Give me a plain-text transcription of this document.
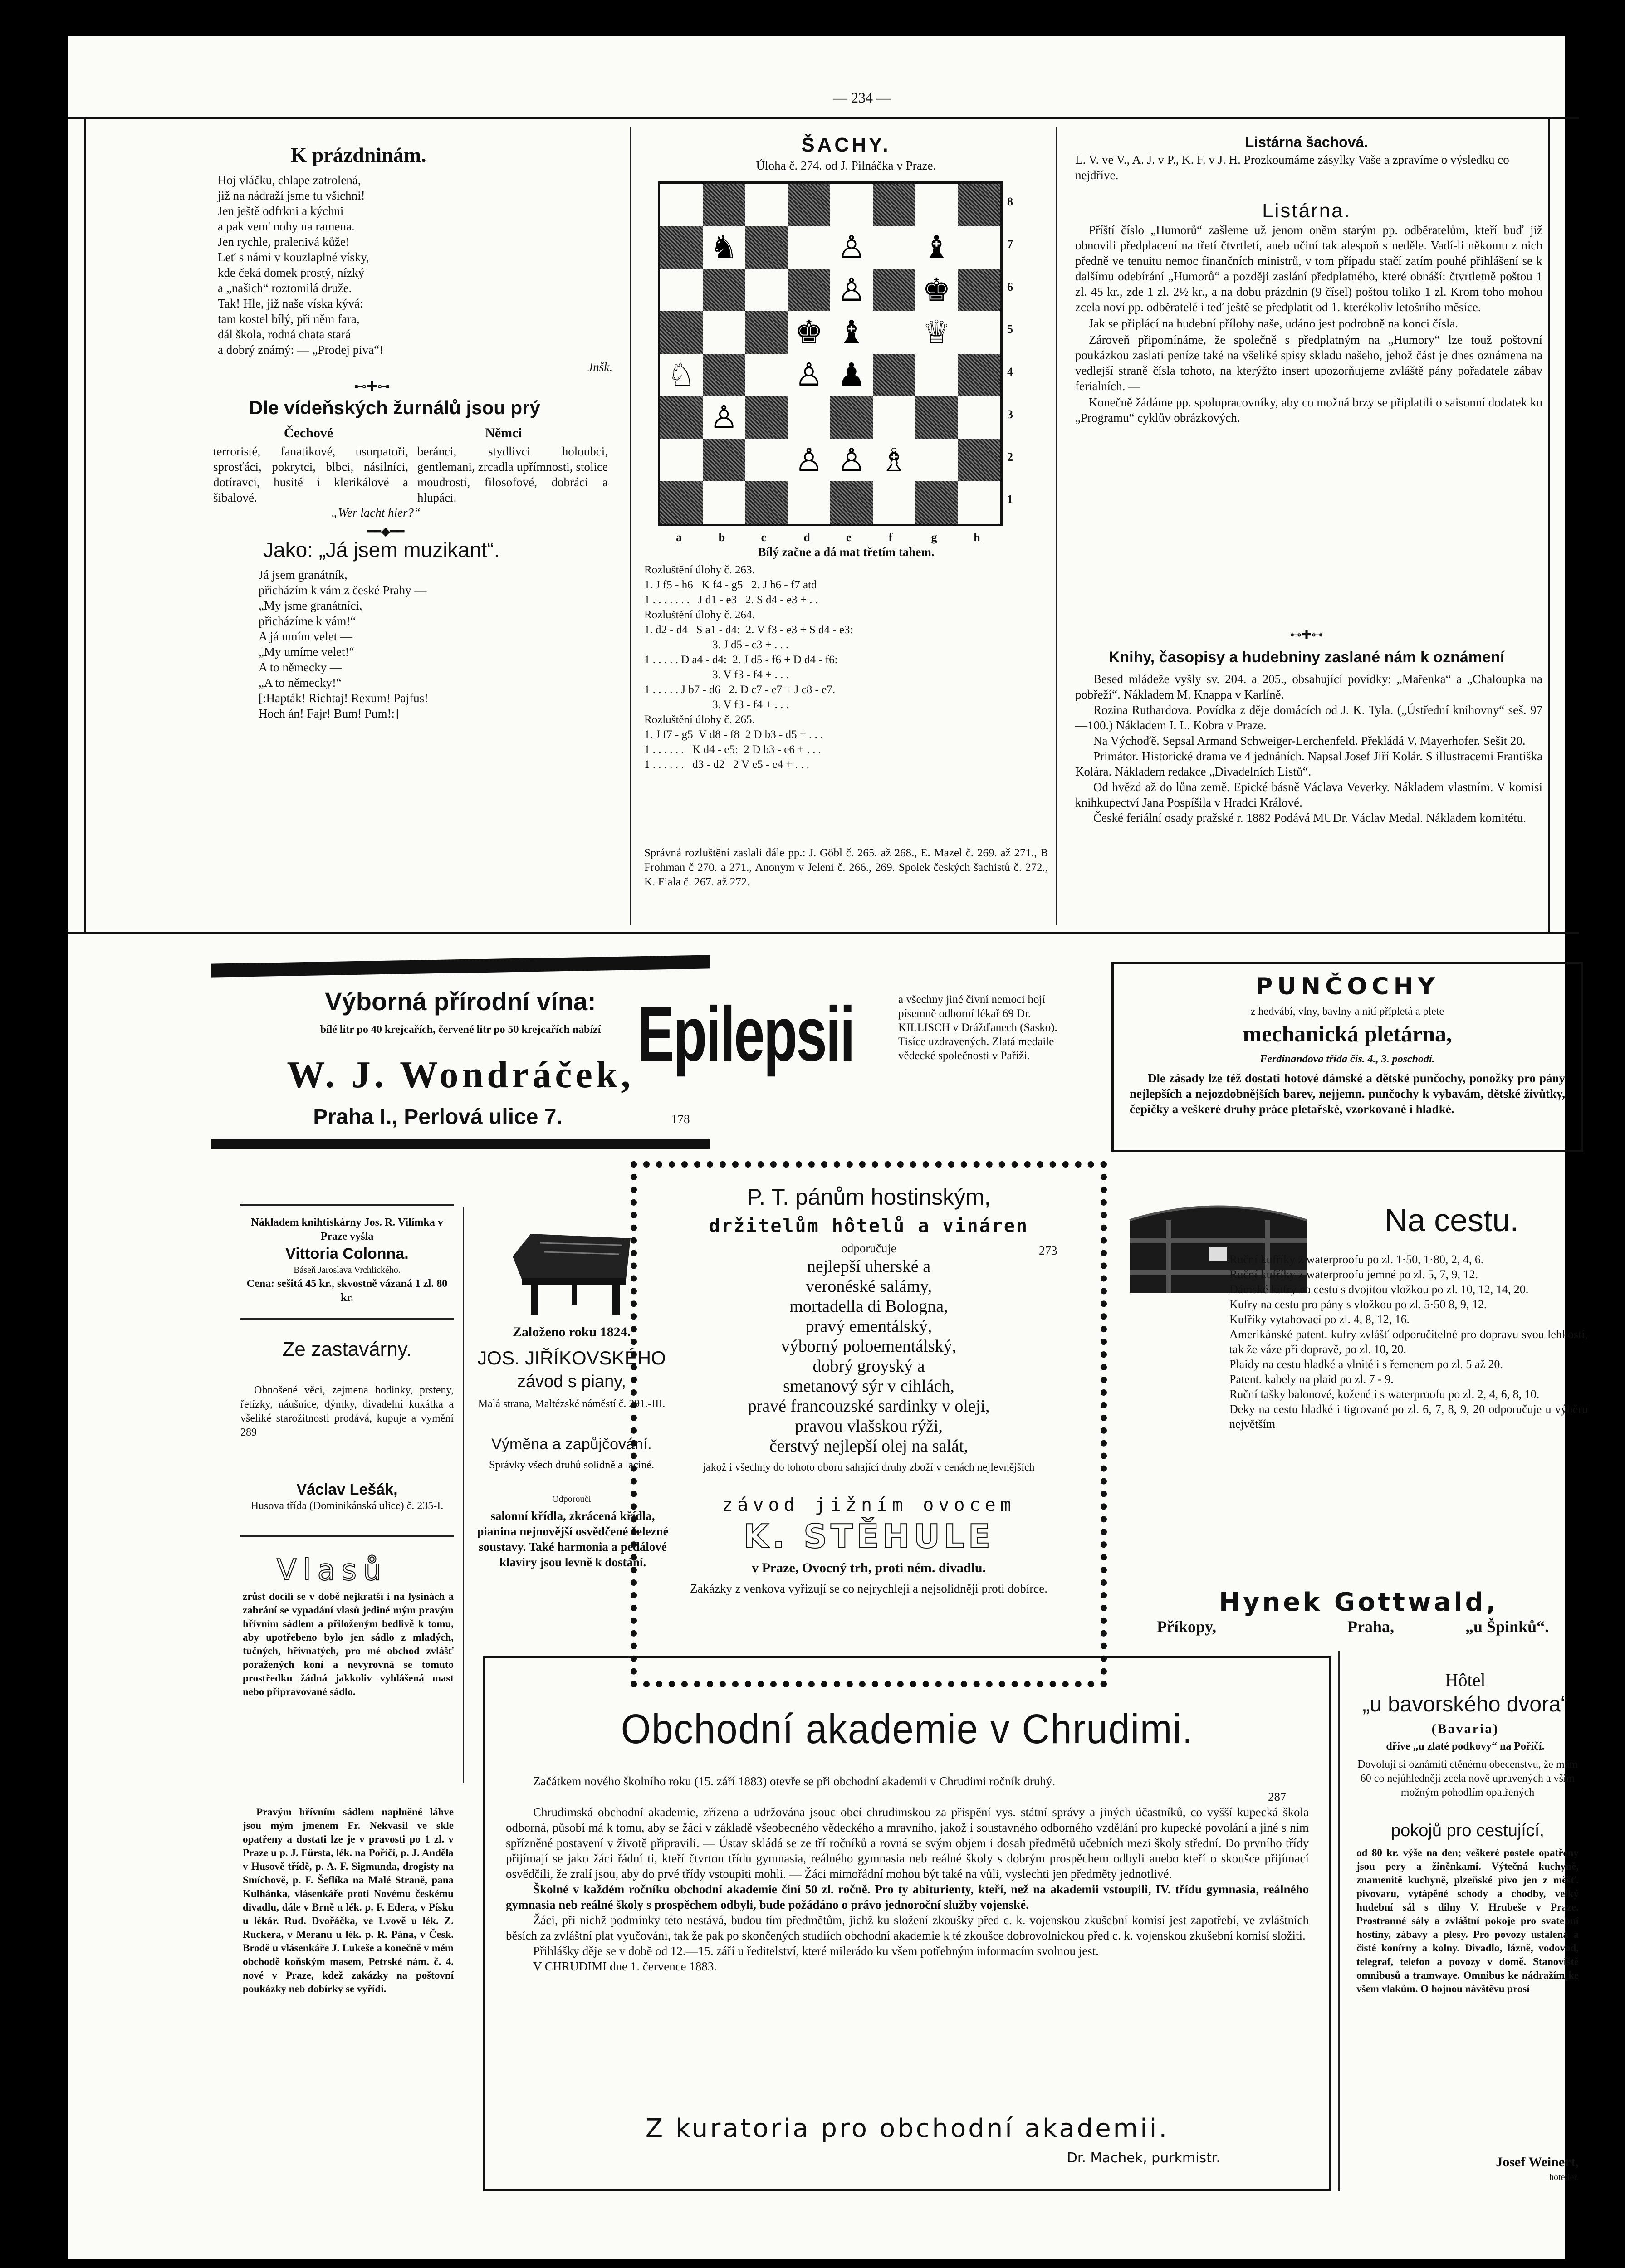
— 234 —
K prázdninám.
Hoj vláčku, chlape zatrolená,
již na nádraží jsme tu všichni!
Jen ještě odfrkni a kýchni
a pak vem' nohy na ramena.
Jen rychle, pralenivá kůže!
Leť s námi v kouzlaplné vísky,
kde čeká domek prostý, nízký
a „našich“ roztomilá druže.
Tak! Hle, již naše víska kývá:
tam kostel bílý, při něm fara,
dál škola, rodná chata stará
a dobrý známý: — „Prodej piva“!
Jnšk.
⊷✚⊶
Dle vídeňských žurnálů jsou prý
Čechové	Němci
terroristé, fanatikové, usurpatoři, sprosťáci, pokrytci, blbci, násilníci, dotíravci, husité i klerikálové a šibalové.
beránci, stydlivci holoubci, gentlemani, zrcadla upřímnosti, stolice moudrosti, filosofové, dobráci a hlupáci.
„Wer lacht hier?“
━━◆━━
Jako: „Já jsem muzikant“.
Já jsem granátník,
přicházím k vám z české Prahy —
„My jsme granátníci,
přicházíme k vám!“
A já umím velet —
„My umíme velet!“
A to německy —
„A to německy!“
[:Hapták! Richtaj! Rexum! Pajfus!
Hoch án! Fajr! Bum! Pum!:]
ŠACHY.
Úloha č. 274. od J. Pilnáčka v Praze.
♞	♙ ♝
♙ ♚
♚ ♝ ♕
♘	♙ ♟
♙
♙ ♙ ♗
8
7
6
5
4
3
2
1
a	b	c	d	e	f	g	h
Bílý začne a dá mat třetím tahem.
Rozluštění úlohy č. 263.
1. J f5 - h6   K f4 - g5   2. J h6 - f7 atd
1 . . . . . . .   J d1 - e3   2. S d4 - e3 + . .
Rozluštění úlohy č. 264.
1. d2 - d4   S a1 - d4:  2. V f3 - e3 + S d4 - e3:
3. J d5 - c3 + . . .
1 . . . . . D a4 - d4:  2. J d5 - f6 + D d4 - f6:
3. V f3 - f4 + . . .
1 . . . . . J b7 - d6   2. D c7 - e7 + J c8 - e7.
3. V f3 - f4 + . . .
Rozluštění úlohy č. 265.
1. J f7 - g5  V d8 - f8  2 D b3 - d5 + . . .
1 . . . . . .   K d4 - e5:  2 D b3 - e6 + . . .
1 . . . . . .   d3 - d2   2 V e5 - e4 + . . .
Správná rozluštění zaslali dále pp.: J. Göbl č. 265. až 268., E. Mazel č. 269. až 271., B Frohman č 270. a 271., Anonym v Jeleni č. 266., 269. Spolek českých šachistů č. 272., K. Fiala č. 267. až 272.
Listárna šachová.
L. V. ve V., A. J. v P., K. F. v J. H. Prozkoumáme zásylky Vaše a zpravíme o výsledku co nejdříve.
Listárna.
Příští číslo „Humorů“ zašleme už jenom oněm starým pp. odběratelům, kteří buď již obnovili předplacení na třetí čtvrtletí, aneb učiní tak alespoň s neděle. Vadí-li někomu z nich předně ve tenuitu nemoc finančních ministrů, v tom případu stačí zatím pouhé přihlášení se k dalšímu odebírání „Humorů“ a později zaslání předplatného, které obnáší: čtvrtletně poštou 1 zl. 45 kr., zde 1 zl. 2½ kr., a na dobu prázdnin (9 čísel) poštou toliko 1 zl. Krom toho mohou zcela noví pp. odběratelé i teď ještě se předplatit od 1. kterékoliv letošního měsíce.
Jak se připlácí na hudební přílohy naše, udáno jest podrobně na konci čísla.
Zároveň připomínáme, že společně s předplatným na „Humory“ lze touž poštovní poukázkou zaslati peníze také na všeliké spisy skladu našeho, jehož část je dnes oznámena na vedlejší straně čísla tohoto, na kterýžto insert upozorňujeme zvláště pány pořadatele zábav ferialních. —
Konečně žádáme pp. spolupracovníky, aby co možná brzy se připlatili o saisonní dodatek ku „Programu“ cyklův obrázkových.
⊷✚⊶
Knihy, časopisy a hudebniny zaslané nám k oznámení
Besed mládeže vyšly sv. 204. a 205., obsahující povídky: „Mařenka“ a „Chaloupka na pobřeží“. Nákladem M. Knappa v Karlíně.
Rozina Ruthardova. Povídka z děje domácích od J. K. Tyla. („Ústřední knihovny“ seš. 97—100.) Nákladem I. L. Kobra v Praze.
Na Výchoďě. Sepsal Armand Schweiger-Lerchenfeld. Překládá V. Mayerhofer. Sešit 20.
Primátor. Historické drama ve 4 jednáních. Napsal Josef Jiří Kolár. S illustracemi Františka Kolára. Nákladem redakce „Divadelních Listů“.
Od hvězd až do lůna země. Epické básně Václava Veverky. Nákladem vlastním. V komisi knihkupectví Jana Pospíšila v Hradci Králové.
České feriální osady pražské r. 1882 Podává MUDr. Václav Medal. Nákladem komitétu.
Výborná přírodní vína:
bílé litr po 40 krejcařích, červené litr po 50 krejcařích nabízí
W. J. Wondráček,
Praha I., Perlová ulice 7.	178
Epilepsii	a všechny jiné čivní nemoci hojí písemně odborní lékař 69 Dr. KILLISCH v Drážďanech (Sasko). Tisíce uzdravených. Zlatá medaile vědecké společnosti v Paříži.
PUNČOCHY
z hedvábí, vlny, bavlny a nití přípletá a plete
mechanická pletárna,
Ferdinandova třída čís. 4., 3. poschodí.
Dle zásady lze též dostati hotové dámské a dětské punčochy, ponožky pro pány nejlepších a nejozdobnějších barev, nejjemn. punčochy k vybavám, dětské živůtky, čepičky a veškeré druhy práce pletařské, vzorkované i hladké.
Nákladem knihtiskárny Jos. R. Vilímka v Praze vyšla
Vittoria Colonna.
Báseň Jaroslava Vrchlického.
Cena: sešitá 45 kr., skvostně vázaná 1 zl. 80 kr.
Ze zastavárny.
Obnošené věci, zejmena hodinky, prsteny, řetízky, náušnice, dýmky, divadelní kukátka a všeliké starožitnosti prodává, kupuje a vymění 289
Václav Lešák,
Husova třída (Dominikánská ulice) č. 235-I.
Vlasů
zrůst docílí se v době nejkratší i na lysinách a zabrání se vypadání vlasů jediné mým pravým hřívním sádlem a přiloženým bedlivě k tomu, aby upotřebeno bylo jen sádlo z mladých, tučných, hřívnatých, pro mé obchod zvlášť poražených koní a nevyrovná se tomuto prostředku žádná jakkoliv vyhlášená mast nebo připravované sádlo.
Pravým hřívním sádlem naplněné láhve jsou mým jmenem Fr. Nekvasil ve skle opatřeny a dostati lze je v pravosti po 1 zl. v Praze u p. J. Fürsta, lék. na Poříčí, p. J. Anděla v Husově třídě, p. A. F. Sigmunda, drogisty na Smíchově, p. F. Šeflíka na Malé Straně, pana Kulhánka, vlásenkáře proti Novému českému divadlu, dále v Brně u lék. p. F. Edera, v Písku u lékár. Rud. Dvořáčka, ve Lvově u lék. Z. Ruckera, v Meranu u lék. p. R. Pána, v Česk. Brodě u vlásenkáře J. Lukeše a konečně v mém obchodě koňským masem, Petrské nám. č. 4. nové v Praze, kdež zakázky na poštovní poukázky neb dobírky se vyřídí.
Založeno roku 1824.
JOS. JIŘÍKOVSKÉHO
závod s piany,
Malá strana, Maltézské náměstí č. 291.-III.
Výměna a zapůjčování.
Správky všech druhů solidně a laciné.
Odporoučí
salonní křídla, zkrácená křídla, pianina nejnovější osvědčené železné soustavy. Také harmonia a pedálové klaviry jsou levně k dostání.
P. T. pánům hostinským,
držitelům hôtelů a vináren
odporučuje	273
nejlepší uherské a
veronéské salámy,
mortadella di Bologna,
pravý ementálský,
výborný poloementálský,
dobrý groyský a
smetanový sýr v cihlách,
pravé francouzské sardinky v oleji,
pravou vlašskou rýži,
čerstvý nejlepší olej na salát,
jakož i všechny do tohoto oboru sahající druhy zboží v cenách nejlevnějších
závod jižním ovocem
K. STĚHULE
v Praze, Ovocný trh, proti ném. divadlu.
Zakázky z venkova vyřizují se co nejrychleji a nejsolidněji proti dobírce.
Na cestu.
Ruční kufříky z waterproofu po zl. 1·50, 1·80, 2, 4, 6.
Ruční kufříky z waterproofu jemné po zl. 5, 7, 9, 12.
Dámské kufry na cestu s dvojitou vložkou po zl. 10, 12, 14, 20.
Kufry na cestu pro pány s vložkou po zl. 5·50 8, 9, 12.
Kufříky vytahovací po zl. 4, 8, 12, 16.
Amerikánské patent. kufry zvlášť odporučitelné pro dopravu svou lehkostí, tak že váze při dopravě, po zl. 10, 20.
Plaidy na cestu hladké a vlnité i s řemenem po zl. 5 až 20.
Patent. kabely na plaid po zl. 7 - 9.
Ruční tašky balonové, kožené i s waterproofu po zl. 2, 4, 6, 8, 10.
Deky na cestu hladké i tigrované po zl. 6, 7, 8, 9, 20 odporučuje u výběru největším
Hynek Gottwald,
Příkopy,	Praha,	„u Špinků“.
Obchodní akademie v Chrudimi.
Začátkem nového školního roku (15. září 1883) otevře se při obchodní akademii v Chrudimi ročník druhý.
287
Chrudimská obchodní akademie, zřízena a udržována jsouc obcí chrudimskou za přispění vys. státní správy a jiných účastníků, co vyšší kupecká škola odborná, působí má k tomu, aby se žáci v základě všeobecného vědeckého a mravního, jakož i soustavného odborného vzdělání pro kupecké povolání a jiné s ním spřízněné postavení v životě připravili. — Ústav skládá se ze tří ročníků a rovná se svým objem i dosah předmětů učebních mezi školy střední. Do prvního třídy přijímají se jako žáci řádní ti, kteří čtvrtou třídu gymnasia, reálného gymnasia neb reálné školy s dobrým prospěchem odbyli anebo kteří o skoušce přijímací osvědčili, že zralí jsou, aby do prvé třídy vstoupiti mohli. — Žáci mimořádní mohou být také na vůli, vyslechti jen předměty jednotlivé.
Školné v každém ročníku obchodní akademie činí 50 zl. ročně. Pro ty abiturienty, kteří, než na akademii vstoupili, IV. třídu gymnasia, reálného gymnasia neb reálné školy s prospěchem odbyli, bude požádáno o právo jednoroční služby vojenské.
Žáci, při nichž podmínky této nestává, budou tím předmětům, jichž ku složení zkoušky před c. k. vojenskou zkušební komisí jest zapotřebí, ve zvláštních běsích za zvláštní plat vyučováni, tak že pak po skončených studiích obchodní akademie k té zkoušce dobrovolnickou před c. k. vojenskou zkušební komisí složiti.
Přihlášky děje se v době od 12.—15. září u ředitelství, které milerádo ku všem potřebným informacím svolnou jest.
V CHRUDIMI dne 1. července 1883.
Z kuratoria pro obchodní akademii.
Dr. Machek, purkmistr.
Hôtel
„u bavorského dvora“
(Bavaria)
dříve „u zlaté podkovy“ na Poříčí.
Dovoluji si oznámiti ctěnému obecenstvu, že mám 60 co nejúhledněji zcela nově upravených a všim možným pohodlím opatřených
pokojů pro cestující,
od 80 kr. výše na den; veškeré postele opatřeny jsou pery a žiněnkami. Výtečná kuchyně, znamenitě kuchyně, plzeňské pivo jen z měšť. pivovaru, vytápěné schody a chodby, velký hudební sál s dilny V. Hrubeše v Praze. Prostranné sály a zvláštní pokoje pro svatební hostiny, zábavy a plesy. Pro povozy ustálená a čisté konírny a kolny. Divadlo, lázně, vodovod, telegraf, telefon a povozy v domě. Stanoviště omnibusů a tramwaye. Omnibus ke nádražím ke všem vlakům. O hojnou návštěvu prosí
Josef Weinert,
hotelier.
